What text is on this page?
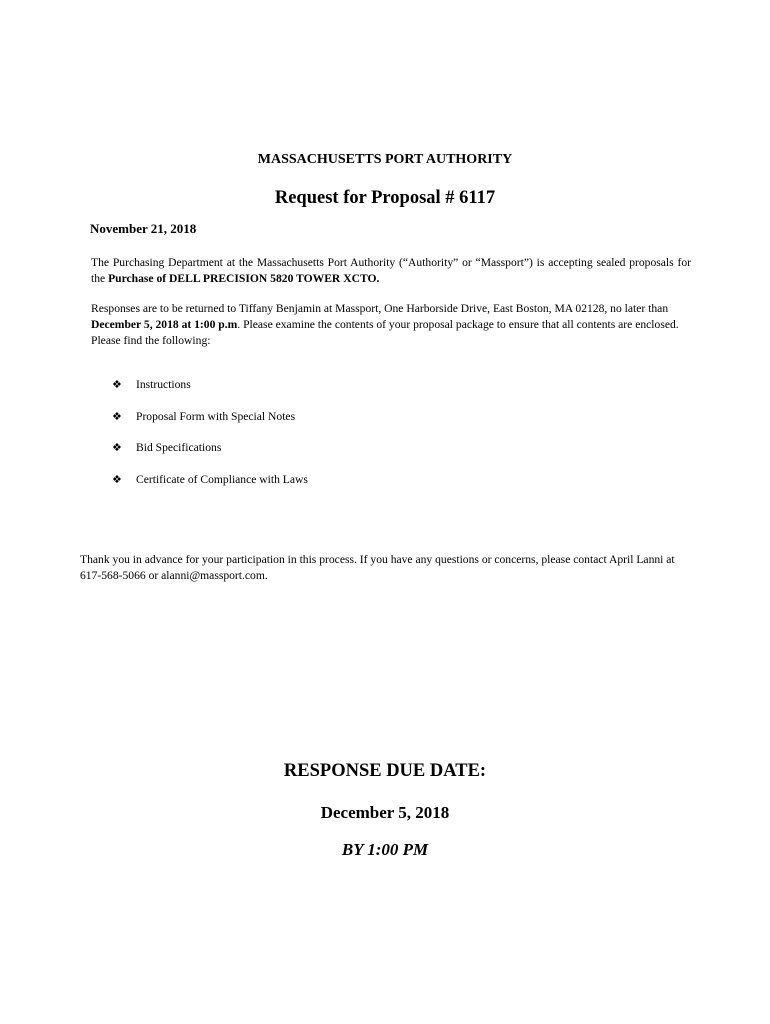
MASSACHUSETTS PORT AUTHORITY
Request for Proposal # 6117
November 21, 2018
The Purchasing Department at the Massachusetts Port Authority (“Authority” or “Massport”) is accepting sealed proposals for the Purchase of DELL PRECISION 5820 TOWER XCTO.
Responses are to be returned to Tiffany Benjamin at Massport, One Harborside Drive, East Boston, MA 02128, no later than December 5, 2018 at 1:00 p.m. Please examine the contents of your proposal package to ensure that all contents are enclosed. Please find the following:
❖ Instructions
❖ Proposal Form with Special Notes
❖ Bid Specifications
❖ Certificate of Compliance with Laws
Thank you in advance for your participation in this process. If you have any questions or concerns, please contact April Lanni at 617-568-5066 or alanni@massport.com.
RESPONSE DUE DATE:
December 5, 2018
BY 1:00 PM
